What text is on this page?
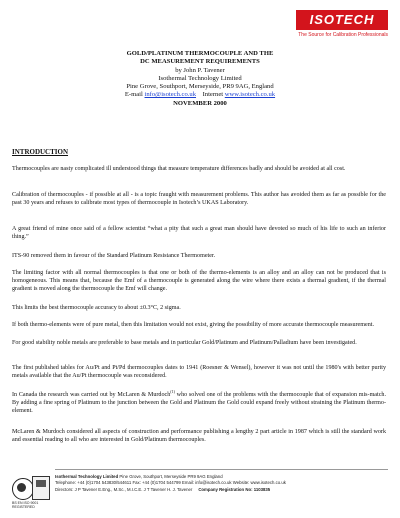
ISOTECH
The Source for Calibration Professionals
GOLD/PLATINUM THERMOCOUPLE AND THE
DC MEASUREMENT REQUIREMENTS
by John P. Tavener
Isothermal Technology Limited
Pine Grove, Southport, Merseyside, PR9 9AG, England
E-mail info@isotech.co.uk Internet www.isotech.co.uk
NOVEMBER 2000
INTRODUCTION
Thermocouples are nasty complicated ill understood things that measure temperature differences badly and should be avoided at all cost.
Calibration of thermocouples - if possible at all - is a topic fraught with measurement problems. This author has avoided them as far as possible for the past 30 years and refuses to calibrate most types of thermocouple in Isotech’s UKAS Laboratory.
A great friend of mine once said of a fellow scientist “what a pity that such a great man should have devoted so much of his life to such an inferior thing.”
ITS-90 removed them in favour of the Standard Platinum Resistance Thermometer.
The limiting factor with all normal thermocouples is that one or both of the thermo-elements is an alloy and an alloy can not be produced that is homogeneous. This means that, because the Emf of a thermocouple is generated along the wire where there exists a thermal gradient, if the thermal gradient is moved along the thermocouple the Emf will change.
This limits the best thermocouple accuracy to about ±0.3°C, 2 sigma.
If both thermo-elements were of pure metal, then this limitation would not exist, giving the possibility of more accurate thermocouple measurement.
For good stability noble metals are preferable to base metals and in particular Gold/Platinum and Platinum/Palladium have been investigated.
The first published tables for Au/Pt and Pt/Pd thermocouples dates to 1941 (Roesner & Wensel), however it was not until the 1980's with better purity metals available that the Au/Pt thermocouple was reconsidered.
In Canada the research was carried out by McLaren & Murdoch$^{(1)}$ who solved one of the problems with the thermocouple that of expansion mis-match. By adding a fine spring of Platinum to the junction between the Gold and Platinum the Gold could expand freely without straining the Platinum thermo-element.
McLaren & Murdoch considered all aspects of construction and performance publishing a lengthy 2 part article in 1987 which is still the standard work and essential reading to all who are interested in Gold/Platinum thermocouples.
BS EN ISO 9001 REGISTERED
Isothermal Technology Limited Pine Grove, Southport, Merseyside PR9 9AG England
Telephone: +44 (0)1704 543830/544611 Fax: +44 (0)1704 544799 Email: info@isotech.co.uk Website: www.isotech.co.uk
Directors: J P Tavener E.Eng., M.Sc., M.I.C.E. J T Tavener H. J. Tavener Company Registration No: 1103835
